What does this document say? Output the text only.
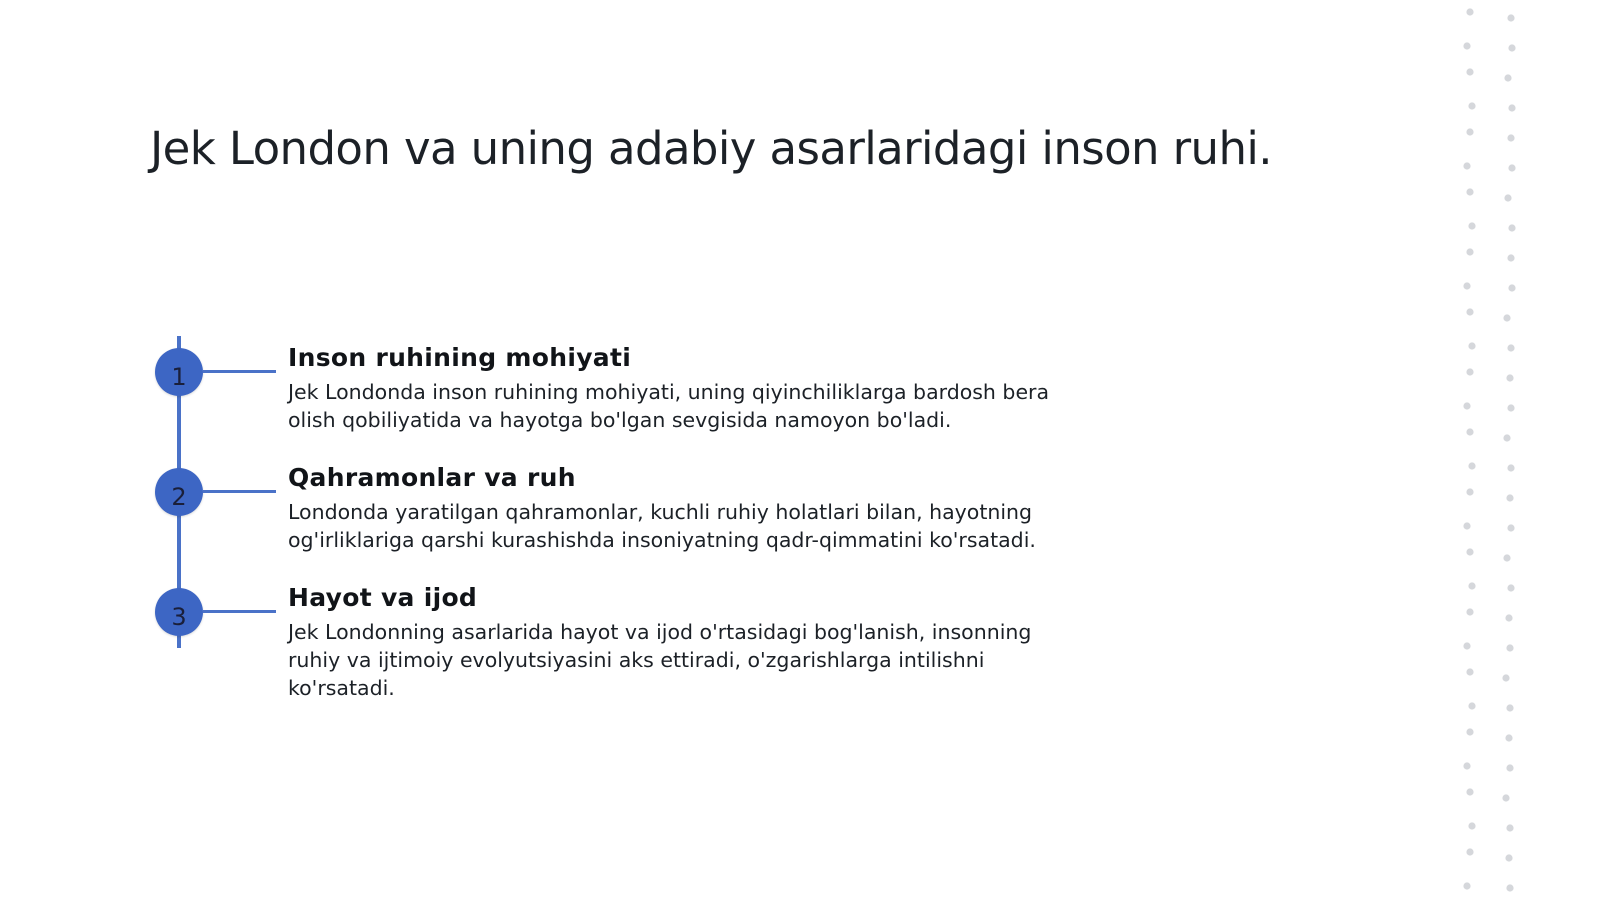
Jek London va uning adabiy asarlaridagi inson ruhi.
1
Inson ruhining mohiyati
Jek Londonda inson ruhining mohiyati, uning qiyinchiliklarga bardosh bera olish qobiliyatida va hayotga bo'lgan sevgisida namoyon bo'ladi.
2
Qahramonlar va ruh
Londonda yaratilgan qahramonlar, kuchli ruhiy holatlari bilan, hayotning og'irliklariga qarshi kurashishda insoniyatning qadr-qimmatini ko'rsatadi.
3
Hayot va ijod
Jek Londonning asarlarida hayot va ijod o'rtasidagi bog'lanish, insonning ruhiy va ijtimoiy evolyutsiyasini aks ettiradi, o'zgarishlarga intilishni ko'rsatadi.
